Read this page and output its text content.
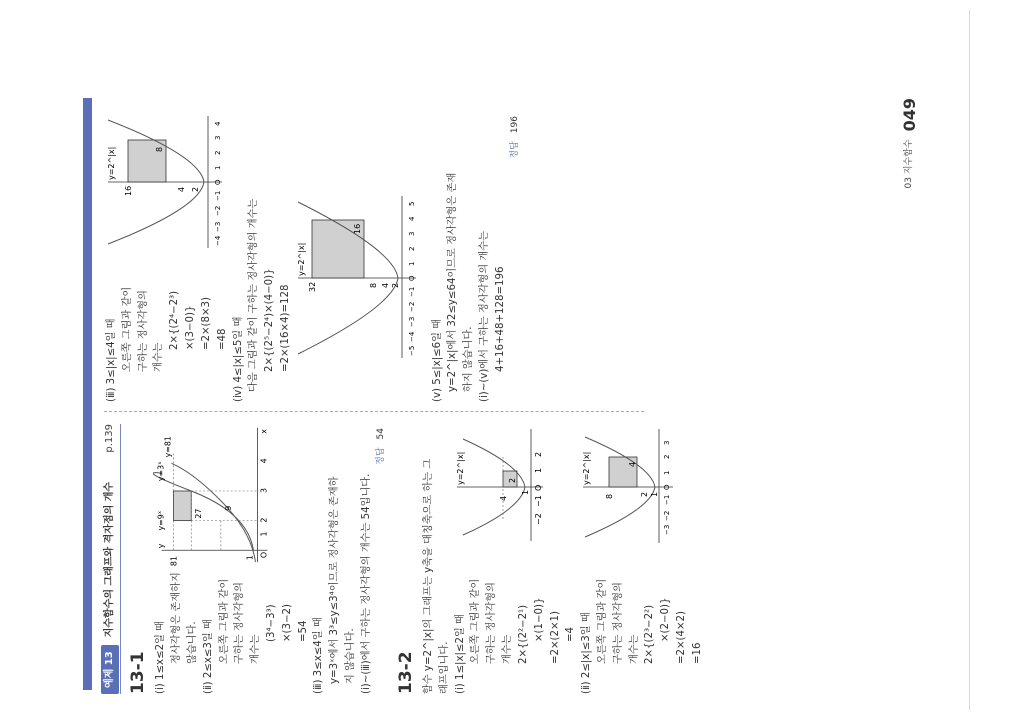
예제 13
지수함수의 그래프와 격자점의 개수
p.139
13-1 (ⅰ) 1≤x≤2일 때 정사각형은 존재하지 않습니다. (ⅱ) 2≤x≤3일 때 오른쪽 그림과 같이 구하는 정사각형의 개수는
(3⁴−3³)
81
27
9
1 O
1
2
3
4
x
y
y=9ˣ
y=3ˣ
y=81
×(3−2) =54 (ⅲ) 3≤x≤4일 때 y=3ˣ에서 3³≤y≤3⁴이므로 정사각형은 존재하 지 않습니다. (ⅰ)~(ⅲ)에서 구하는 정사각형의 개수는 54입니다.
정답54
13-2 함수 y=2^|x|의 그래프는 y축을 대칭축으로 하는 그 래프입니다. (ⅰ) 1≤|x|≤2일 때 오른쪽 그림과 같이 구하는 정사각형의 개수는 2×{(2²−2¹) ×(1−0)} =2×(2×1) =4
y=2^|x|
4
2
1
−2
−1
O
1
2
(ⅱ) 2≤|x|≤3일 때 오른쪽 그림과 같이 구하는 정사각형의 개수는 2×{(2³−2²) ×(2−0)} =2×(4×2) =16
y=2^|x|
8
4
2 1
−3
−2
−1
O
1
2
3
(ⅲ) 3≤|x|≤4일 때 오른쪽 그림과 같이 구하는 정사각형의 개수는
2×{(2⁴−2³) ×(3−0)} =2×(8×3) =48
y=2^|x|
16
8
4 2
−4
−3
−2
−1
O
1
2
3
4
(ⅳ) 4≤|x|≤5일 때 다음 그림과 같이 구하는 정사각형의 개수는 2×{(2⁵−2⁴)×(4−0)} =2×(16×4)=128
y=2^|x|
32
16
8 4 2
−5
−4
−3
−2
−1
O
1
2
3
4
5
(ⅴ) 5≤|x|≤6일 때 y=2^|x|에서 32≤y≤64이므로 정사각형은 존재 하지 않습니다. (ⅰ)~(ⅴ)에서 구하는 정사각형의 개수는 4+16+48+128=196
정답196
03 지수함수
049
